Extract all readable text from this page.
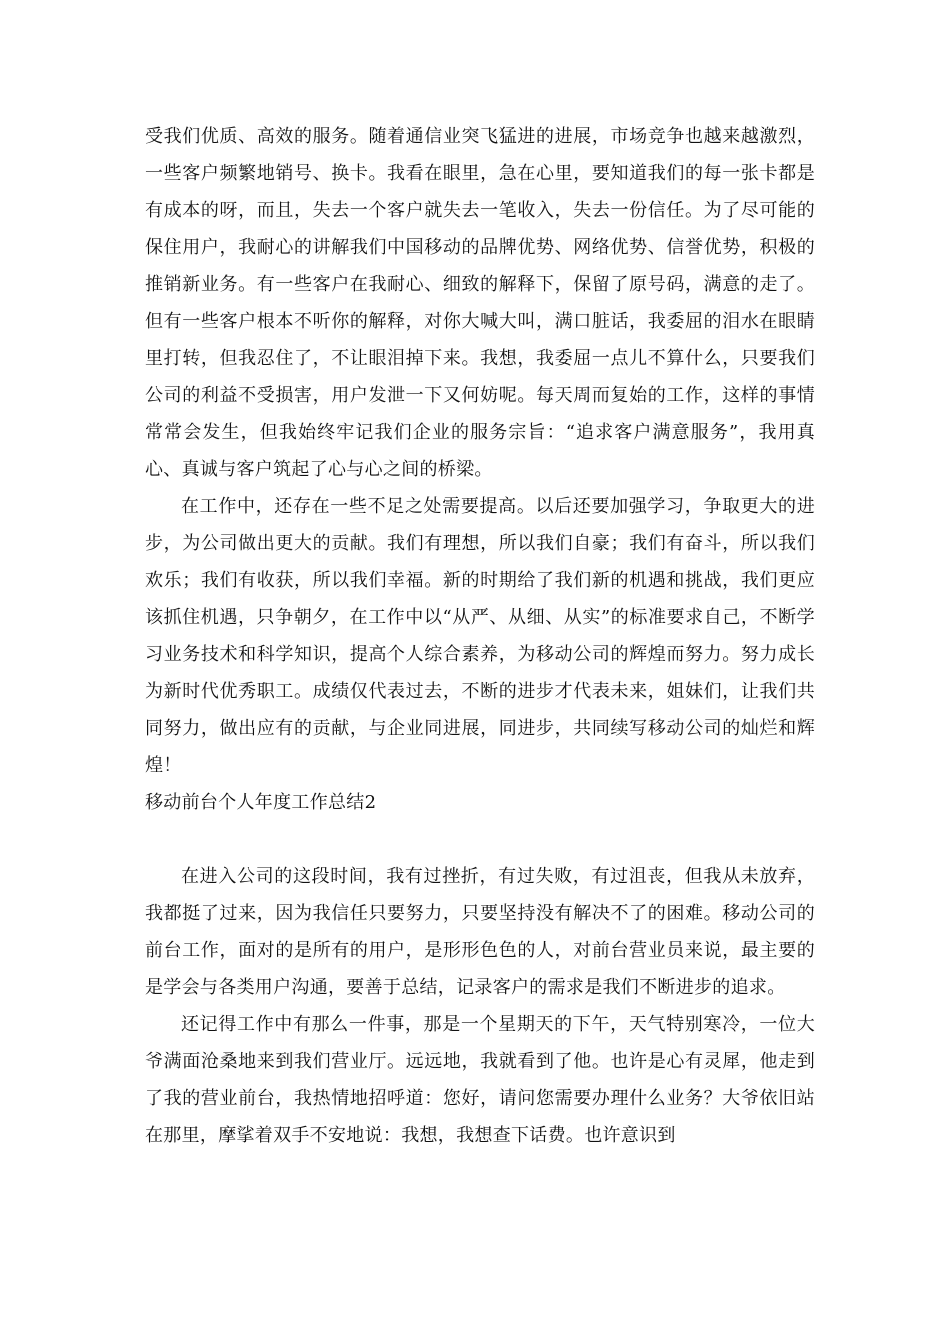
受我们优质、高效的服务。随着通信业突飞猛进的进展，市场竞争也越来越激烈，一些客户频繁地销号、换卡。我看在眼里，急在心里，要知道我们的每一张卡都是有成本的呀，而且，失去一个客户就失去一笔收入，失去一份信任。为了尽可能的保住用户，我耐心的讲解我们中国移动的品牌优势、网络优势、信誉优势，积极的推销新业务。有一些客户在我耐心、细致的解释下，保留了原号码，满意的走了。但有一些客户根本不听你的解释，对你大喊大叫，满口脏话，我委屈的泪水在眼睛里打转，但我忍住了，不让眼泪掉下来。我想，我委屈一点儿不算什么，只要我们公司的利益不受损害，用户发泄一下又何妨呢。每天周而复始的工作，这样的事情常常会发生，但我始终牢记我们企业的服务宗旨：“追求客户满意服务”，我用真心、真诚与客户筑起了心与心之间的桥梁。

在工作中，还存在一些不足之处需要提高。以后还要加强学习，争取更大的进步，为公司做出更大的贡献。我们有理想，所以我们自豪；我们有奋斗，所以我们欢乐；我们有收获，所以我们幸福。新的时期给了我们新的机遇和挑战，我们更应该抓住机遇，只争朝夕，在工作中以“从严、从细、从实”的标准要求自己，不断学习业务技术和科学知识，提高个人综合素养，为移动公司的辉煌而努力。努力成长为新时代优秀职工。成绩仅代表过去，不断的进步才代表未来，姐妹们，让我们共同努力，做出应有的贡献，与企业同进展，同进步，共同续写移动公司的灿烂和辉煌！

移动前台个人年度工作总结2

在进入公司的这段时间，我有过挫折，有过失败，有过沮丧，但我从未放弃，我都挺了过来，因为我信任只要努力，只要坚持没有解决不了的困难。移动公司的前台工作，面对的是所有的用户，是形形色色的人，对前台营业员来说，最主要的是学会与各类用户沟通，要善于总结，记录客户的需求是我们不断进步的追求。

还记得工作中有那么一件事，那是一个星期天的下午，天气特别寒冷，一位大爷满面沧桑地来到我们营业厅。远远地，我就看到了他。也许是心有灵犀，他走到了我的营业前台，我热情地招呼道：您好，请问您需要办理什么业务？大爷依旧站在那里，摩挲着双手不安地说：我想，我想查下话费。也许意识到
